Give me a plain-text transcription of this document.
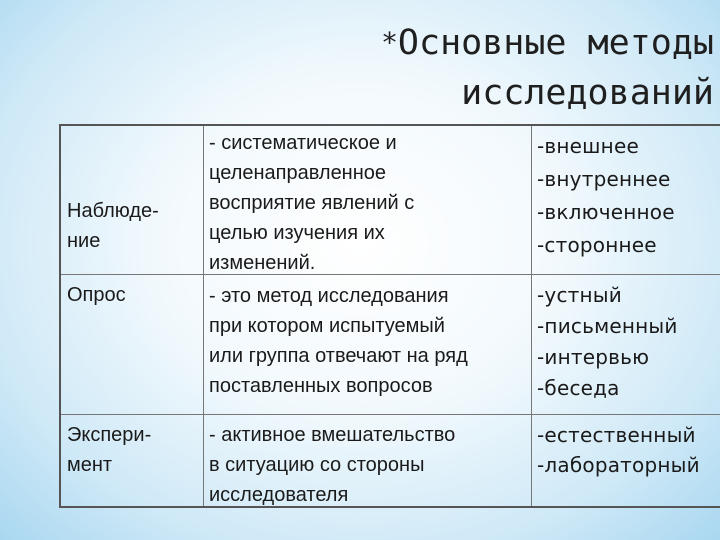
*Основные методы
исследований
Наблюде-
ние
- систематическое и
целенаправленное
восприятие явлений с
целью изучения их
изменений.
-внешнее
-внутреннее
-включенное
-стороннее
Опрос	- это метод исследования
при котором испытуемый
или группа отвечают на ряд
поставленных вопросов
-устный
-письменный
-интервью
-беседа
Экспери-
мент
- активное вмешательство
в ситуацию со стороны
исследователя
-естественный
-лабораторный
